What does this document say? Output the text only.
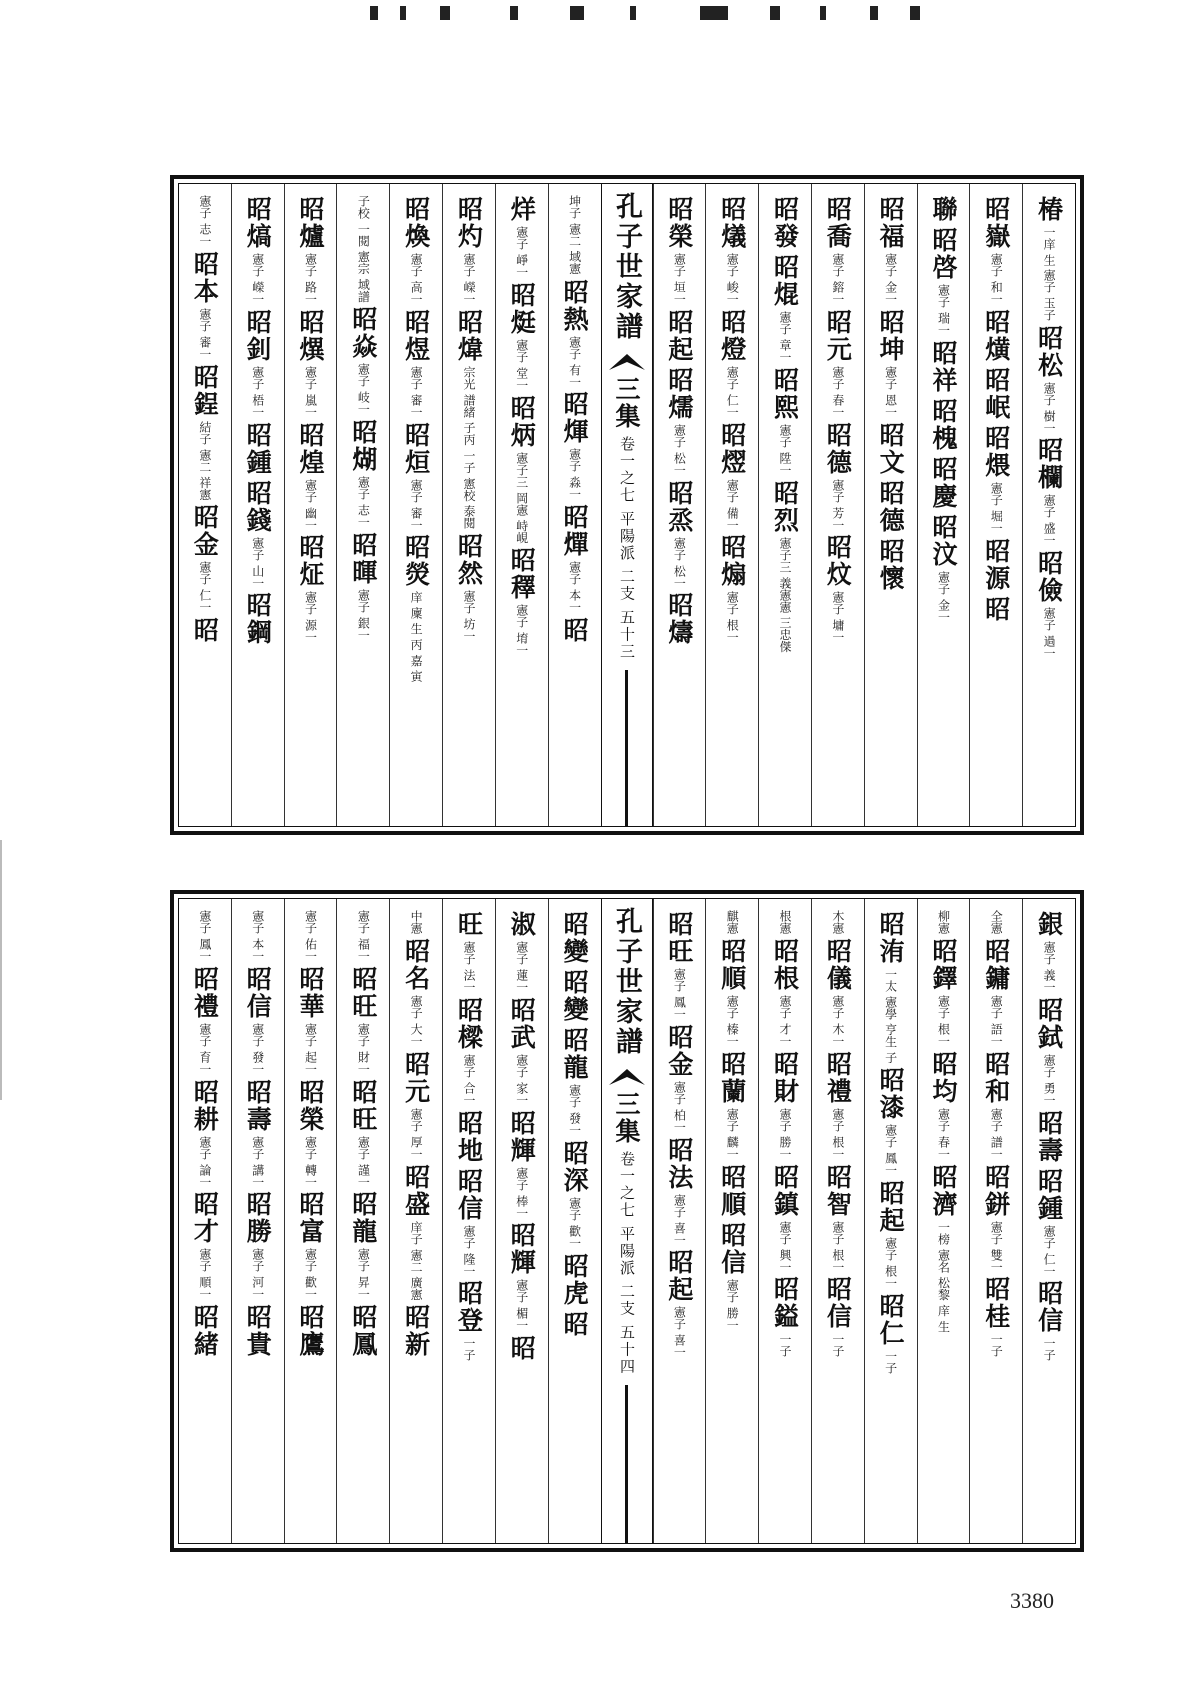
椿
一庠 生
憲子 玉子
昭松
憲子 樹一
昭欄
憲子 盛一
昭儉
憲子 過一
昭嶽
憲子 和一
昭熿
昭岷
昭煨
憲子 堀一
昭源
昭
聯
昭啓
憲子 瑞一
昭祥
昭槐
昭慶
昭汶
憲子 金一
昭福
憲子 金一
昭坤
憲子 恩一
昭文
昭德
昭懷
昭喬
憲子 鎔一
昭元
憲子 春一
昭德
憲子 芳一
昭炆
憲子 墉一
昭發
昭焜
憲子 章一
昭熙
憲子 陞一
昭烈
憲子三 義憲憲 三忠傑
昭燨
憲子 峻一
昭燈
憲子 仁一
昭熤
憲子 備一
昭煽
憲子 根一
昭榮
憲子 垣一
昭起
昭燸
憲子 松一
昭烝
憲子 松一
昭燽
孔子世家譜
三集
卷一之七 平陽派 二支 五十三
坤子 憲二 域憲
昭熱
憲子 有一
昭煇
憲子 淼一
昭燀
憲子 本一
昭
烊
憲子 崢一
昭烶
憲子 堂一
昭炳
憲子三 岡憲 峙峴
昭䆁
憲子 堉一
昭灼
憲子 嶸一
昭煒
宗光 譜緒 子丙 一子 憲校 泰閱
昭然
憲子 坊一
昭煥
憲子 高一
昭煜
憲子 審一
昭烜
憲子 審一
昭熒
庠 廩 生 丙 嘉 寅
子校 一閱 憲宗 域譜
昭焱
憲子 岐一
昭煳
憲子 志一
昭暉
憲子 銀一
昭爐
憲子 路一
昭熼
憲子 嵐一
昭煌
憲子 幽一
昭炡
憲子 源一
昭熇
憲子 嶸一
昭釗
憲子 梧一
昭鍾
昭錢
憲子 山一
昭鋼
憲子 志一
昭本
憲子 審一
昭鋥
結子 憲二 祥憲
昭金
憲子 仁一
昭
銀
憲子 義一
昭鉽
憲子 勇一
昭壽
昭鍾
憲子 仁一
昭信
一子
全憲
昭鏞
憲子 語一
昭和
憲子 譜一
昭鉼
憲子 雙一
昭桂
一子
柳憲
昭鐸
憲子 根一
昭均
憲子 春一
昭濟
一榜 憲名 松黎 庠 生
昭洧
一太 憲學 亨生 子
昭漆
憲子 鳳一
昭起
憲子 根一
昭仁
一子
木憲
昭儀
憲子 木一
昭禮
憲子 根一
昭智
憲子 根一
昭信
一子
根憲
昭根
憲子 才一
昭財
憲子 勝一
昭鎮
憲子 興一
昭鎰
一子
麒憲
昭順
憲子 榛一
昭蘭
憲子 麟一
昭順
昭信
憲子 勝一
昭旺
憲子 鳳一
昭金
憲子 柏一
昭法
憲子 喜一
昭起
憲子 喜一
孔子世家譜
三集
卷一之七 平陽派 二支 五十四
昭變
昭變
昭龍
憲子 發一
昭深
憲子 歡一
昭虎
昭
淑
憲子 蓮一
昭武
憲子 家一
昭輝
憲子 棒一
昭輝
憲子 楣一
昭
旺
憲子 法一
昭樑
憲子 合一
昭地
昭信
憲子 隆一
昭登
一子
中憲
昭名
憲子 大一
昭元
憲子 厚一
昭盛
庠子 憲二 廣憲
昭新
憲子 福一
昭旺
憲子 財一
昭旺
憲子 謹一
昭龍
憲子 昇一
昭鳳
憲子 佑一
昭華
憲子 起一
昭榮
憲子 轉一
昭富
憲子 歡一
昭鷹
憲子 本一
昭信
憲子 發一
昭壽
憲子 講一
昭勝
憲子 河一
昭貴
憲子 鳳一
昭禮
憲子 育一
昭耕
憲子 論一
昭才
憲子 順一
昭緒
3380
